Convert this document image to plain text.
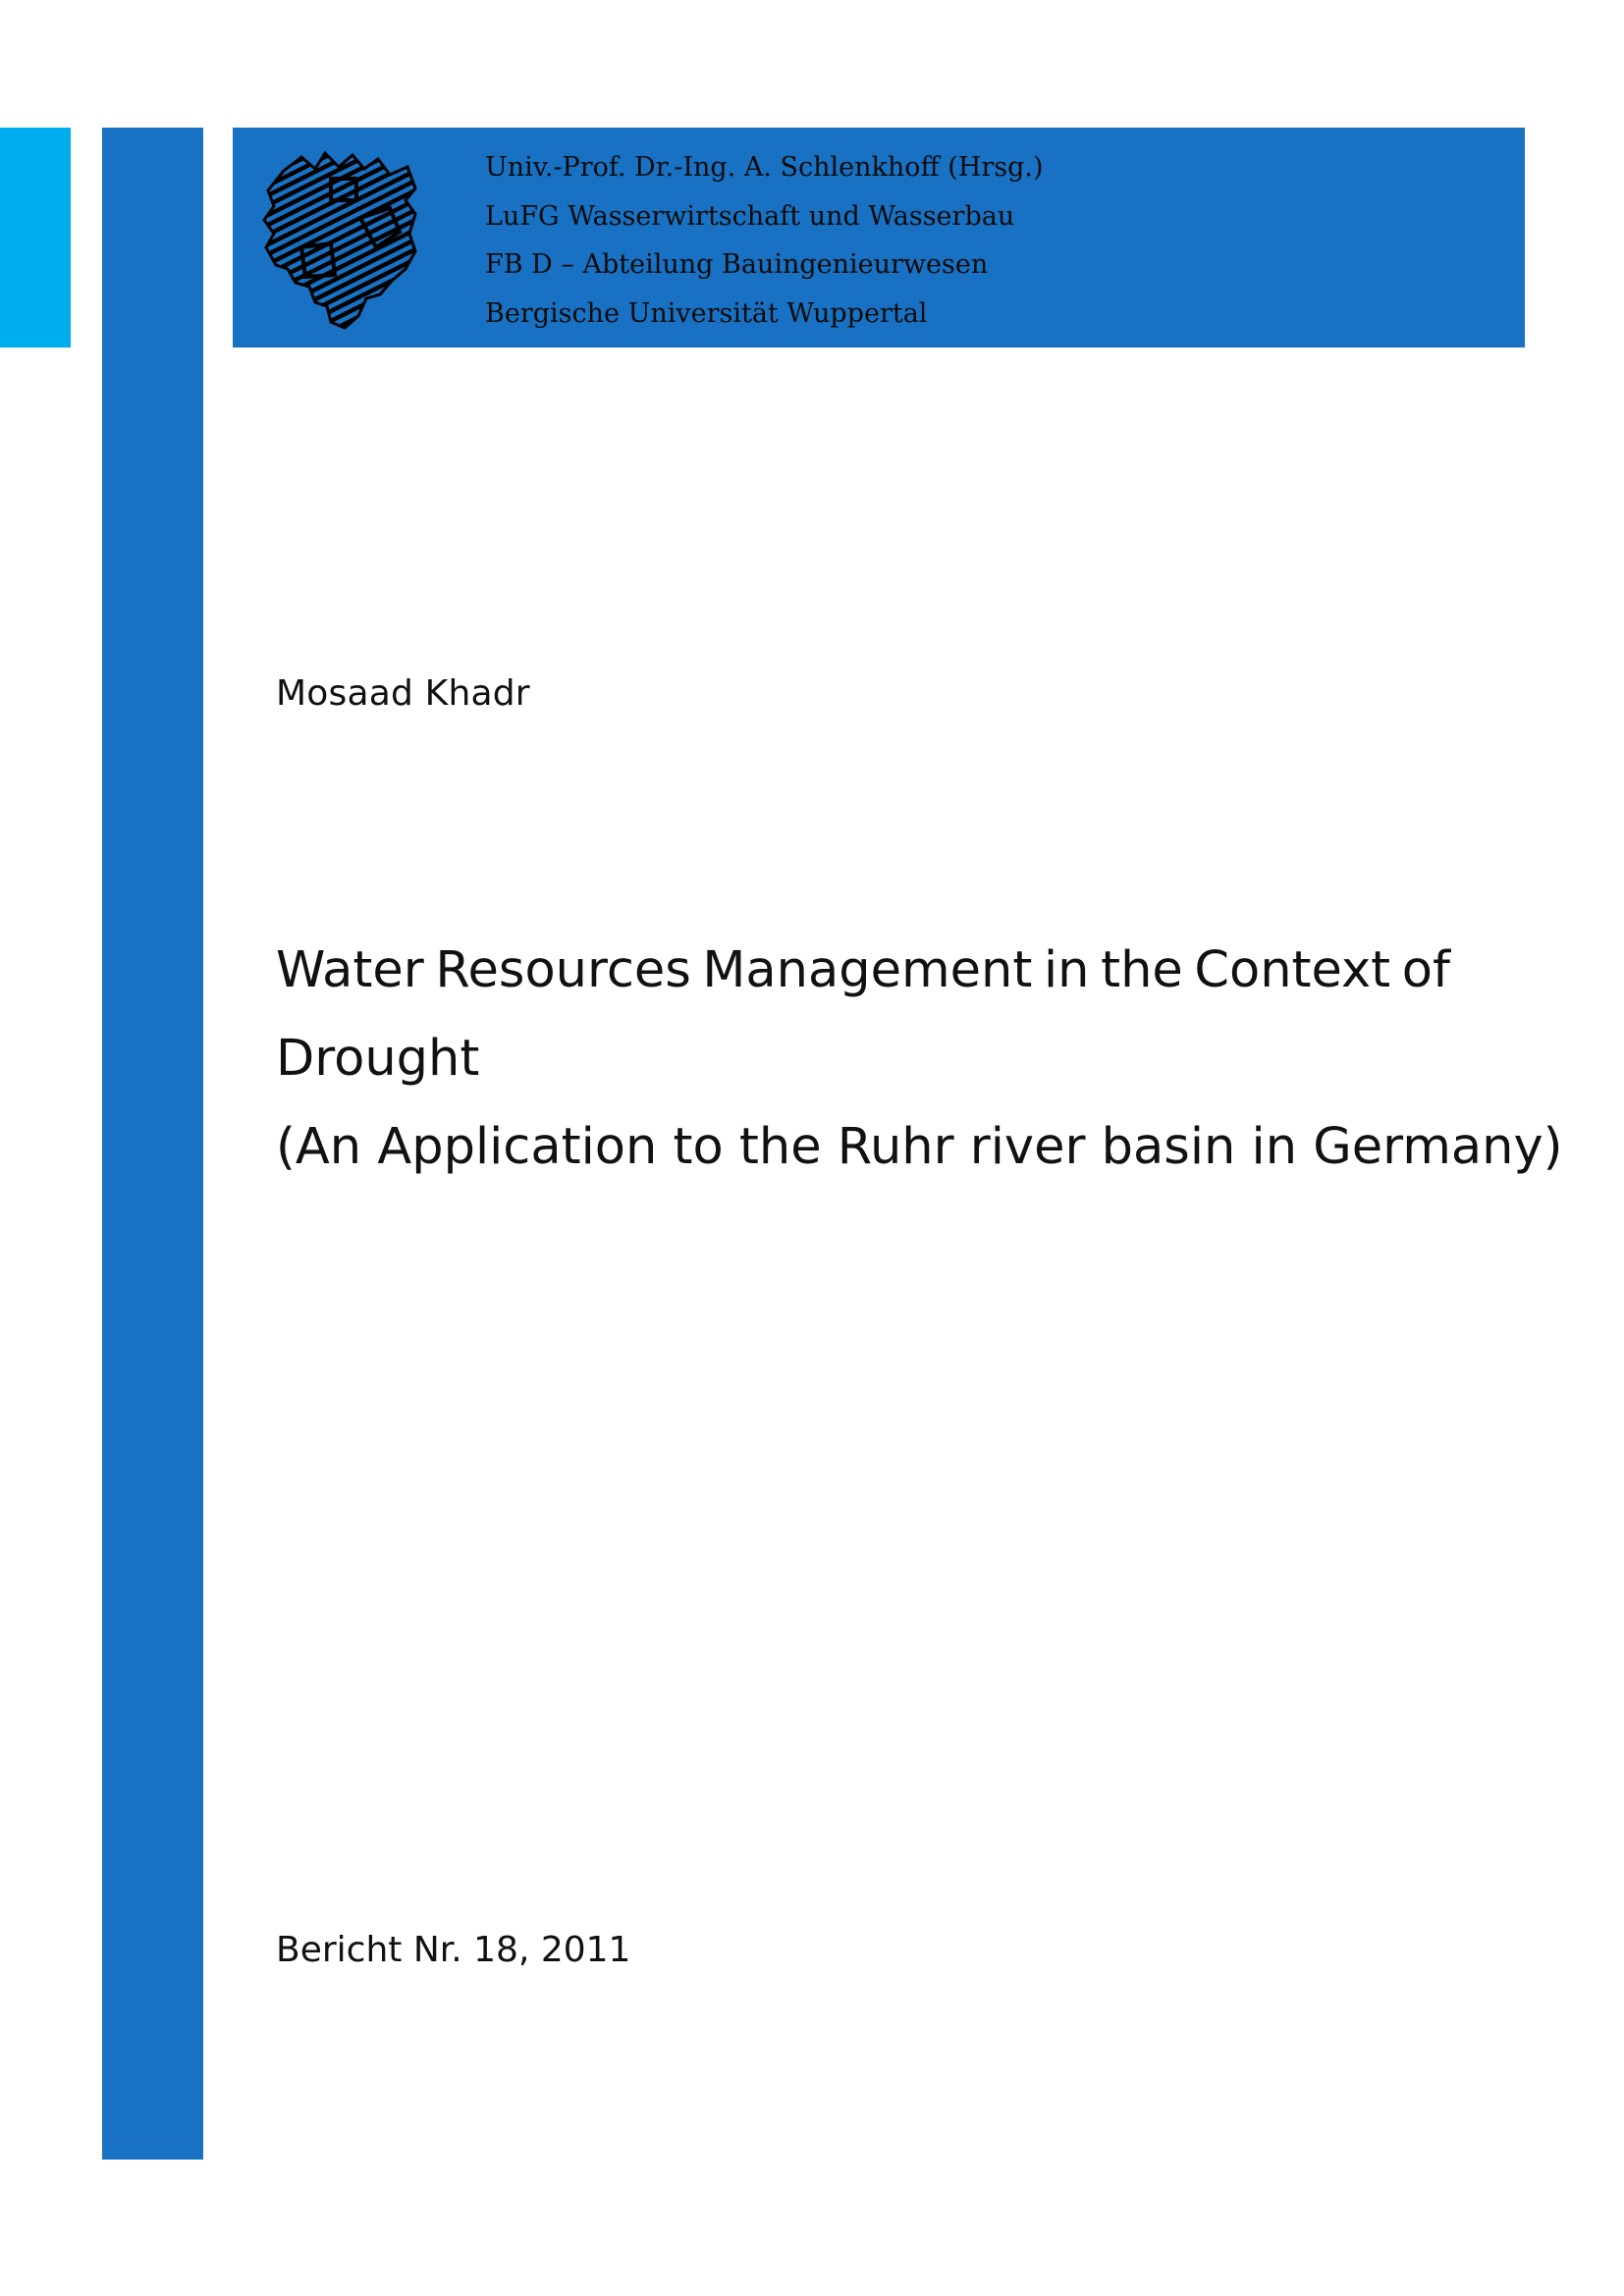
Univ.-Prof. Dr.-Ing. A. Schlenkhoff (Hrsg.)
LuFG Wasserwirtschaft und Wasserbau
FB D – Abteilung Bauingenieurwesen
Bergische Universität Wuppertal
Mosaad Khadr
Water Resources Management in the Context of
Drought
(An Application to the Ruhr river basin in Germany)
Bericht Nr. 18, 2011
